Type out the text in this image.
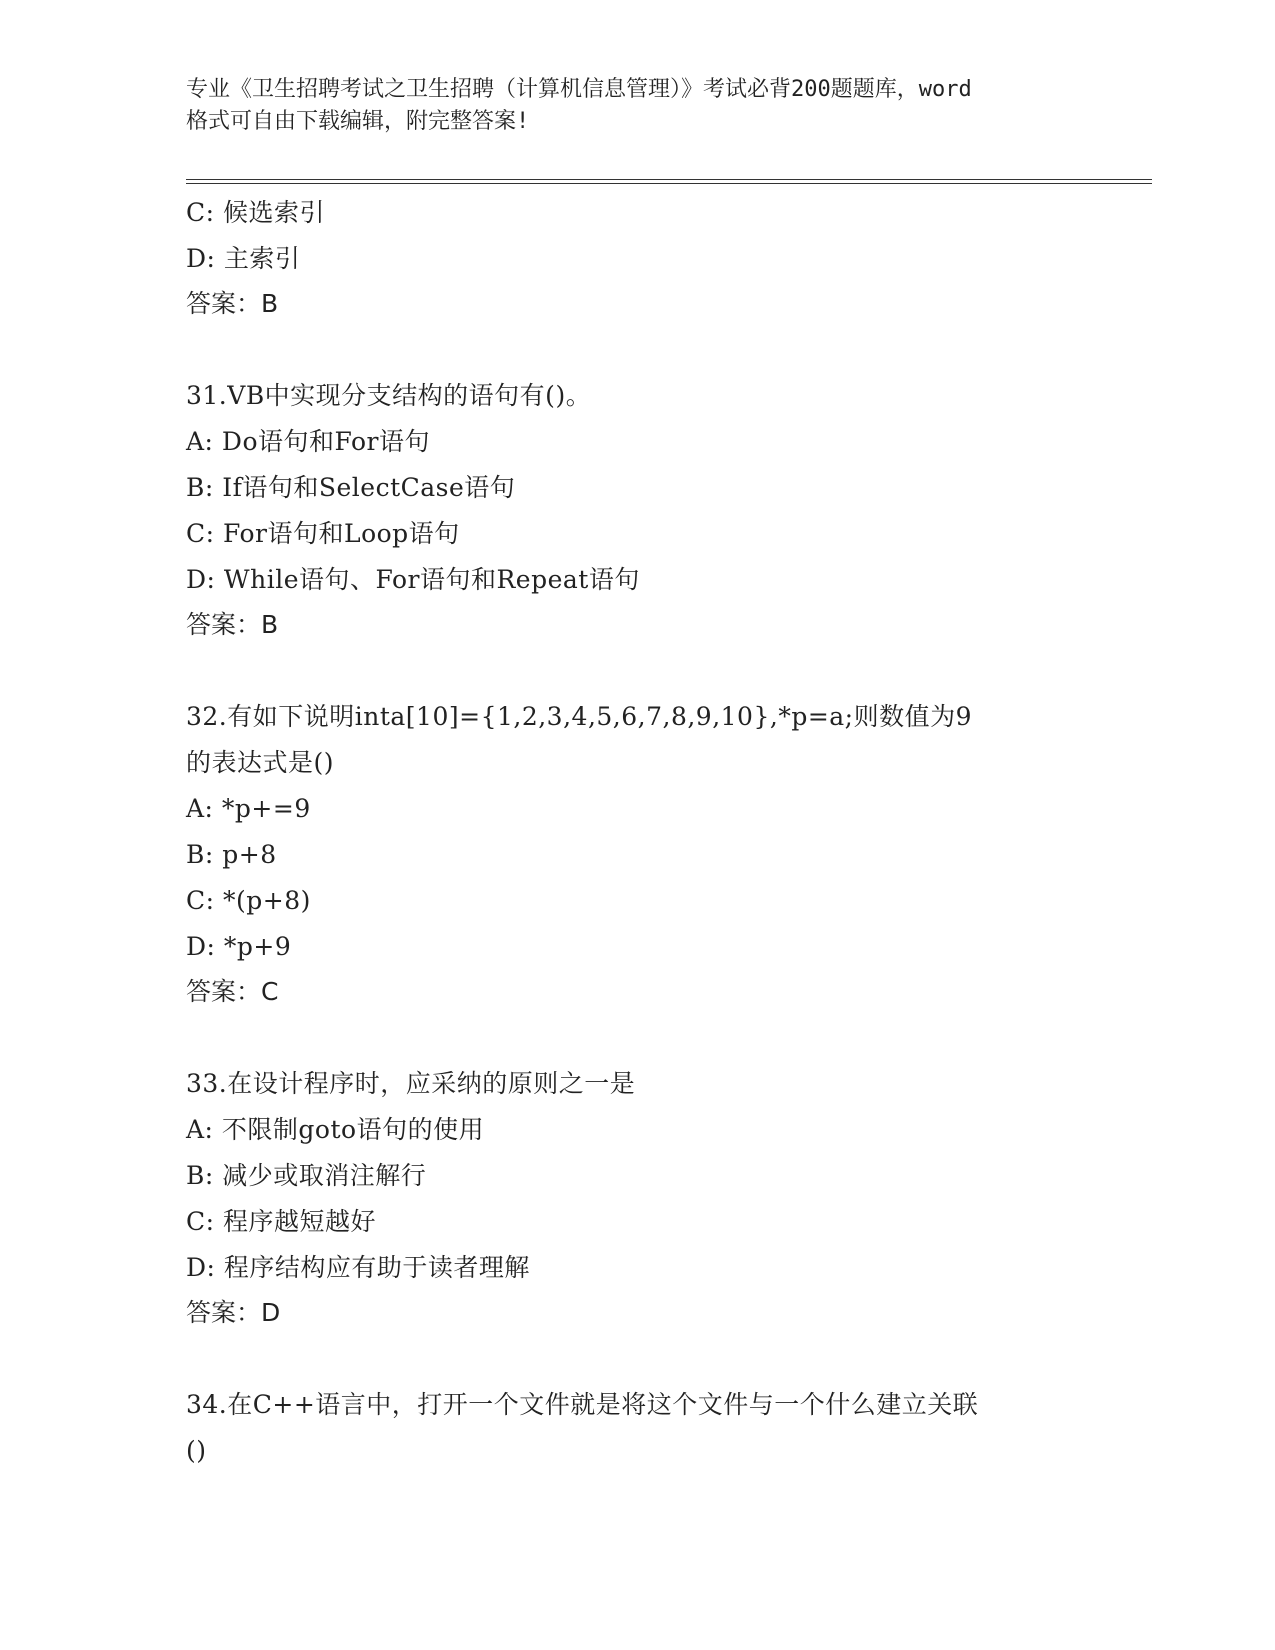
专业《卫生招聘考试之卫生招聘（计算机信息管理）》考试必背200题题库，word

格式可自由下载编辑，附完整答案!

C: 候选索引
D: 主索引
答案：B
31.VB中实现分支结构的语句有()。
A: Do语句和For语句
B: If语句和SelectCase语句
C: For语句和Loop语句
D: While语句、For语句和Repeat语句
答案：B
32.有如下说明inta[10]={1,2,3,4,5,6,7,8,9,10},*p=a;则数值为9
的表达式是()
A: *p+=9
B: p+8
C: *(p+8)
D: *p+9
答案：C
33.在设计程序时，应采纳的原则之一是
A: 不限制goto语句的使用
B: 减少或取消注解行
C: 程序越短越好
D: 程序结构应有助于读者理解
答案：D
34.在C++语言中，打开一个文件就是将这个文件与一个什么建立关联
()
